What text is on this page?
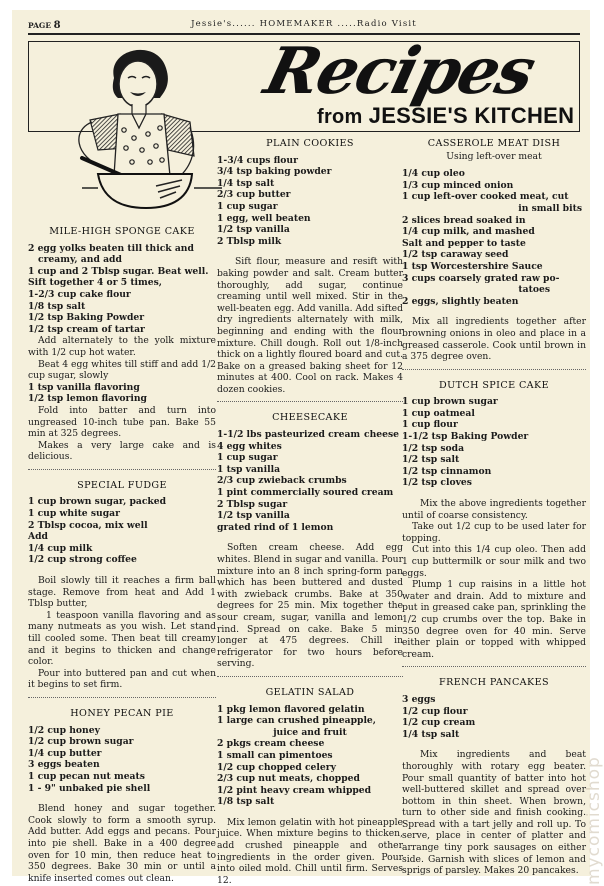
PAGE 8	Jessie's...... HOMEMAKER .....Radio Visit
Recipes
from JESSIE'S KITCHEN
MILE-HIGH SPONGE CAKE
2 egg yolks beaten till thick and
creamy, and add
1 cup and 2 Tblsp sugar. Beat well.
Sift together 4 or 5 times,
1-2/3 cup cake flour
1/8 tsp salt
1/2 tsp Baking Powder
1/2 tsp cream of tartar

Add alternately to the yolk mixture with 1/2 cup hot water.

Beat 4 egg whites till stiff and add 1/2 cup sugar, slowly

1 tsp vanilla flavoring
1/2 tsp lemon flavoring

Fold into batter and turn into ungreased 10-inch tube pan. Bake 55 min at 325 degrees.

Makes a very large cake and is delicious.

SPECIAL FUDGE
1 cup brown sugar, packed
1 cup white sugar
2 Tblsp cocoa, mix well
Add
1/4 cup milk
1/2 cup strong coffee

Boil slowly till it reaches a firm ball stage. Remove from heat and Add 1 Tblsp butter,

1 teaspoon vanilla flavoring and as many nutmeats as you wish. Let stand till cooled some. Then beat till creamy and it begins to thicken and change color.

Pour into buttered pan and cut when it begins to set firm.

HONEY PECAN PIE
1/2 cup honey
1/2 cup brown sugar
1/4 cup butter
3 eggs beaten
1 cup pecan nut meats
1 - 9" unbaked pie shell

Blend honey and sugar together. Cook slowly to form a smooth syrup. Add butter. Add eggs and pecans. Pour into pie shell. Bake in a 400 degree oven for 10 min, then reduce heat to 350 degrees. Bake 30 min or until a knife inserted comes out clean.

PLAIN COOKIES
1-3/4 cups flour
3/4 tsp baking powder
1/4 tsp salt
2/3 cup butter
1 cup sugar
1 egg, well beaten
1/2 tsp vanilla
2 Tblsp milk

Sift flour, measure and resift with baking powder and salt. Cream butter thoroughly, add sugar, continue creaming until well mixed. Stir in the well-beaten egg. Add vanilla. Add sifted dry ingredients alternately with milk, beginning and ending with the flour mixture. Chill dough. Roll out 1/8-inch thick on a lightly floured board and cut. Bake on a greased baking sheet for 12 minutes at 400. Cool on rack. Makes 4 dozen cookies.

CHEESECAKE
1-1/2 lbs pasteurized cream cheese
4 egg whites
1 cup sugar
1 tsp vanilla
2/3 cup zwieback crumbs
1 pint commercially soured cream
2 Tblsp sugar
1/2 tsp vanilla
grated rind of 1 lemon

Soften cream cheese. Add egg whites. Blend in sugar and vanilla. Pour mixture into an 8 inch spring-form pan which has been buttered and dusted with zwieback crumbs. Bake at 350 degrees for 25 min. Mix together the sour cream, sugar, vanilla and lemon rind. Spread on cake. Bake 5 min longer at 475 degrees. Chill in refrigerator for two hours before serving.

GELATIN SALAD
1 pkg lemon flavored gelatin
1 large can crushed pineapple,
juice and fruit
2 pkgs cream cheese
1 small can pimentoes
1/2 cup chopped celery
2/3 cup nut meats, chopped
1/2 pint heavy cream whipped
1/8 tsp salt

Mix lemon gelatin with hot pineapple juice. When mixture begins to thicken, add crushed pineapple and other ingredients in the order given. Pour into oiled mold. Chill until firm. Serves 12.

CASSEROLE MEAT DISH
Using left-over meat
1/4 cup oleo
1/3 cup minced onion
1 cup left-over cooked meat, cut
in small bits
2 slices bread soaked in
1/4 cup milk, and mashed
Salt and pepper to taste
1/2 tsp caraway seed
1 tsp Worcestershire Sauce
3 cups coarsely grated raw po-
tatoes
2 eggs, slightly beaten

Mix all ingredients together after browning onions in oleo and place in a greased casserole. Cook until brown in a 375 degree oven.

DUTCH SPICE CAKE
1 cup brown sugar
1 cup oatmeal
1 cup flour
1-1/2 tsp Baking Powder
1/2 tsp soda
1/2 tsp salt
1/2 tsp cinnamon
1/2 tsp cloves

Mix the above ingredients together until of coarse consistency.

Take out 1/2 cup to be used later for topping.

Cut into this 1/4 cup oleo. Then add 1 cup buttermilk or sour milk and two eggs.

Plump 1 cup raisins in a little hot water and drain. Add to mixture and put in greased cake pan, sprinkling the 1/2 cup crumbs over the top. Bake in 350 degree oven for 40 min. Serve either plain or topped with whipped cream.

FRENCH PANCAKES
3 eggs
1/2 cup flour
1/2 cup cream
1/4 tsp salt

Mix ingredients and beat thoroughly with rotary egg beater. Pour small quantity of batter into hot well-buttered skillet and spread over bottom in thin sheet. When brown, turn to other side and finish cooking. Spread with a tart jelly and roll up. To serve, place in center of platter and arrange tiny pork sausages on either side. Garnish with slices of lemon and sprigs of parsley. Makes 20 pancakes. mycomicshop
